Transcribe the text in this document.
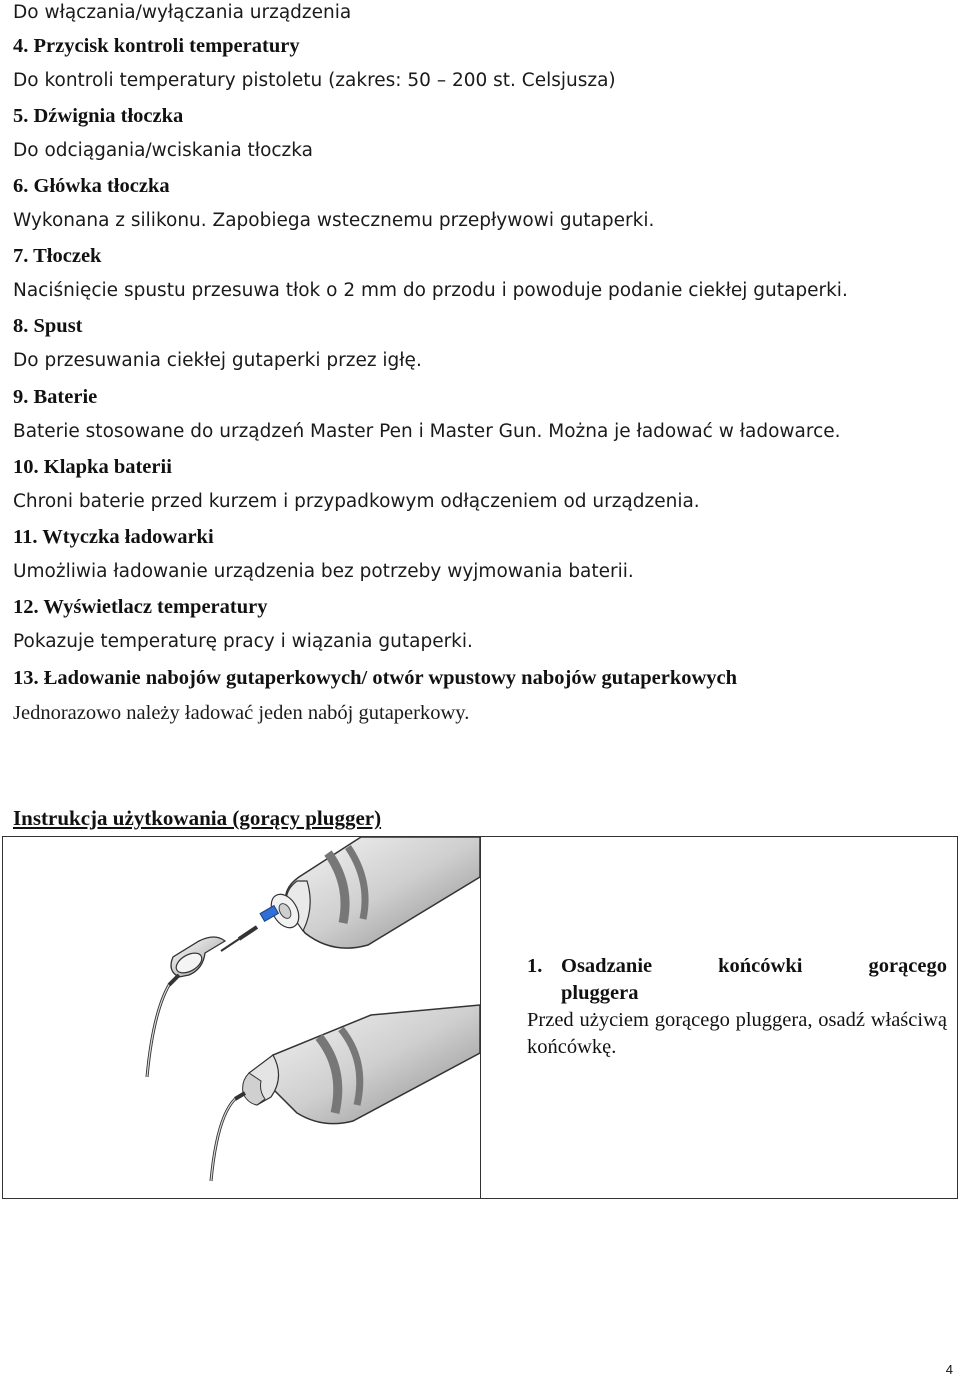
Do włączania/wyłączania urządzenia
4. Przycisk kontroli temperatury
Do kontroli temperatury pistoletu (zakres: 50 – 200 st. Celsjusza)
5. Dźwignia tłoczka
Do odciągania/wciskania tłoczka
6. Główka tłoczka
Wykonana z silikonu. Zapobiega wstecznemu przepływowi gutaperki.
7. Tłoczek
Naciśnięcie spustu przesuwa tłok o 2 mm do przodu i powoduje podanie ciekłej gutaperki.
8. Spust
Do przesuwania ciekłej gutaperki przez igłę.
9. Baterie
Baterie stosowane do urządzeń Master Pen i Master Gun. Można je ładować w ładowarce.
10. Klapka baterii
Chroni baterie przed kurzem i przypadkowym odłączeniem od urządzenia.
11. Wtyczka ładowarki
Umożliwia ładowanie urządzenia bez potrzeby wyjmowania baterii.
12. Wyświetlacz temperatury
Pokazuje temperaturę pracy i wiązania gutaperki.
13. Ładowanie nabojów gutaperkowych/ otwór wpustowy nabojów gutaperkowych
Jednorazowo należy ładować jeden nabój gutaperkowy.
Instrukcja użytkowania (gorący plugger)
1. Osadzanie końcówki gorącego
pluggera
Przed użyciem gorącego pluggera, osadź właściwą końcówkę.
4
